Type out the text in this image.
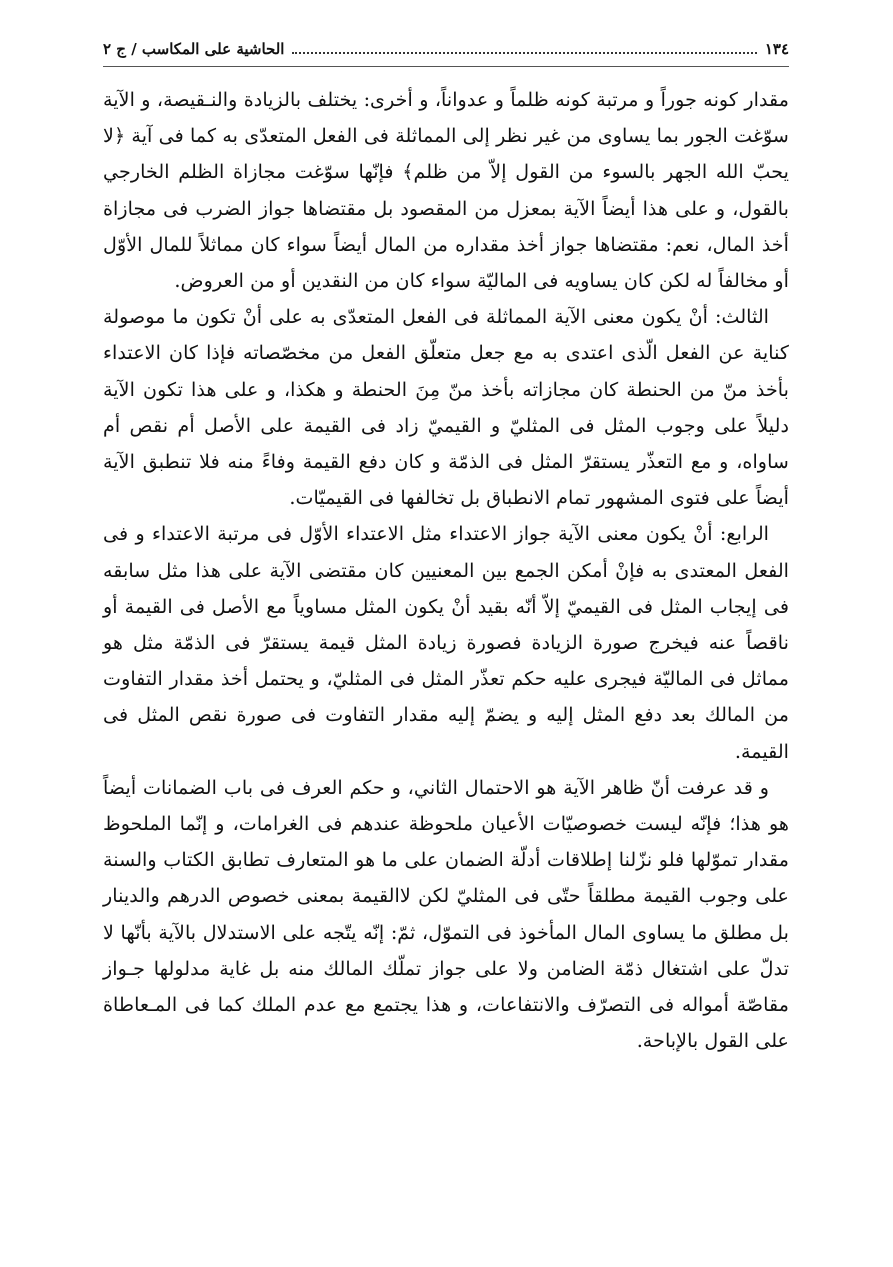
١٣٤
الحاشية على المكاسب / ج ٢

مقدار كونه جوراً و مرتبة كونه ظلماً و عدواناً، و أخرى: يختلف بالزيادة والنـقيصة، و الآية سوّغت الجور بما يساوى من غير نظر إلى المماثلة فى الفعل المتعدّى به كما فى آية ﴿لا يحبّ الله الجهر بالسوء من القول إلاّ من ظلم﴾ فإنّها سوّغت مجازاة الظلم الخارجي بالقول، و على هذا أيضاً الآية بمعزل من المقصود بل مقتضاها جواز الضرب فى مجازاة أخذ المال، نعم: مقتضاها جواز أخذ مقداره من المال أيضاً سواء كان مماثلاً للمال الأوّل أو مخالفاً له لكن كان يساويه فى الماليّة سواء كان من النقدين أو من العروض.

الثالث: أنْ يكون معنى الآية المماثلة فى الفعل المتعدّى به على أنْ تكون ما موصولة كناية عن الفعل الّذى اعتدى به مع جعل متعلّق الفعل من مخصّصاته فإذا كان الاعتداء بأخذ منّ من الحنطة كان مجازاته بأخذ منّ مِنَ الحنطة و هكذا، و على هذا تكون الآية دليلاً على وجوب المثل فى المثليّ و القيميّ زاد فى القيمة على الأصل أم نقص أم ساواه، و مع التعذّر يستقرّ المثل فى الذمّة و كان دفع القيمة وفاءً منه فلا تنطبق الآية أيضاً على فتوى المشهور تمام الانطباق بل تخالفها فى القيميّات.

الرابع: أنْ يكون معنى الآية جواز الاعتداء مثل الاعتداء الأوّل فى مرتبة الاعتداء و فى الفعل المعتدى به فإنْ أمكن الجمع بين المعنيين كان مقتضى الآية على هذا مثل سابقه فى إيجاب المثل فى القيميّ إلاّ أنّه بقيد أنْ يكون المثل مساوياً مع الأصل فى القيمة أو ناقصاً عنه فيخرج صورة الزيادة فصورة زيادة المثل قيمة يستقرّ فى الذمّة مثل هو مماثل فى الماليّة فيجرى عليه حكم تعذّر المثل فى المثليّ، و يحتمل أخذ مقدار التفاوت من المالك بعد دفع المثل إليه و يضمّ إليه مقدار التفاوت فى صورة نقص المثل فى القيمة.

و قد عرفت أنّ ظاهر الآية هو الاحتمال الثاني، و حكم العرف فى باب الضمانات أيضاً هو هذا؛ فإنّه ليست خصوصيّات الأعيان ملحوظة عندهم فى الغرامات، و إنّما الملحوظ مقدار تموّلها فلو نزّلنا إطلاقات أدلّة الضمان على ما هو المتعارف تطابق الكتاب والسنة على وجوب القيمة مطلقاً حتّى فى المثليّ لكن لاالقيمة بمعنى خصوص الدرهم والدينار بل مطلق ما يساوى المال المأخوذ فى التموّل، ثمّ: إنّه يتّجه على الاستدلال بالآية بأنّها لا تدلّ على اشتغال ذمّة الضامن ولا على جواز تملّك المالك منه بل غاية مدلولها جـواز مقاصّة أمواله فى التصرّف والانتفاعات، و هذا يجتمع مع عدم الملك كما فى المـعاطاة على القول بالإباحة.
